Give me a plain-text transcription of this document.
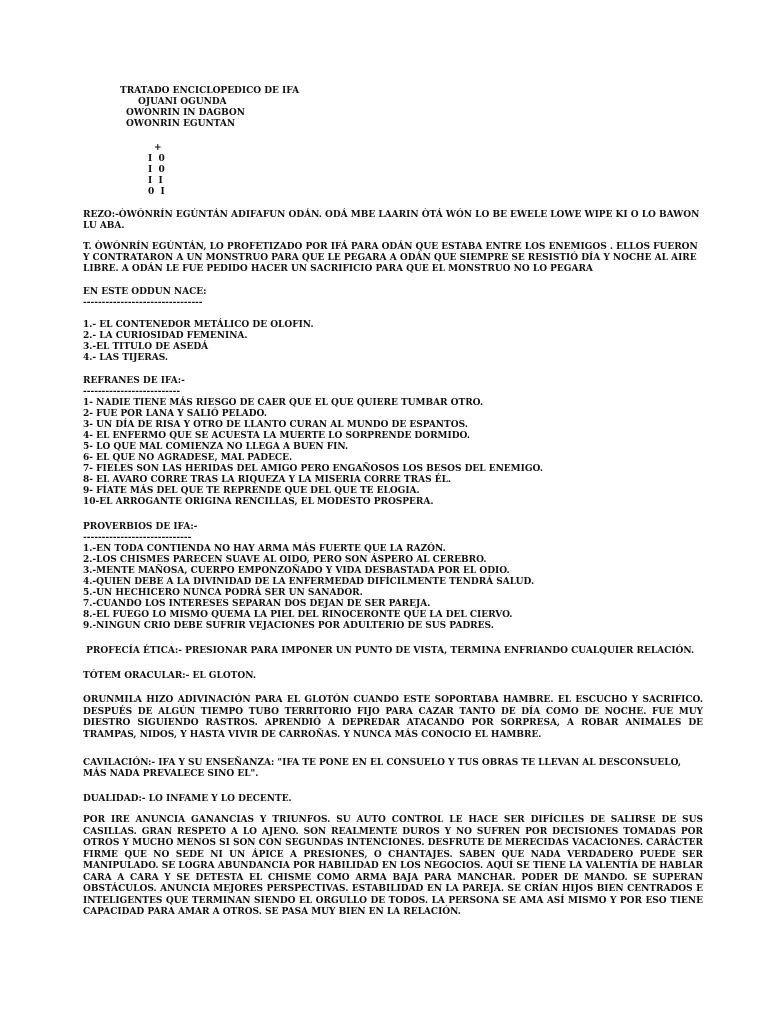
TRATADO ENCICLOPEDICO DE IFA
OJUANI OGUNDA
OWONRIN IN DAGBON
OWONRIN EGUNTAN
+
I  0
I  0
I  I
0  I
REZO:-ÒWÓNRÍN EGÚNTÁN ADIFAFUN ODÁN. ODÁ MBE LAARIN ÒTÁ WÓN LO BE EWELE LOWE WIPE KI O LO BAWON LU ABA.
T. ÒWÓNRÍN EGÚNTÁN, LO PROFETIZADO POR IFÁ PARA ODÁN QUE ESTABA ENTRE LOS ENEMIGOS . ELLOS FUERON Y CONTRATARON A UN MONSTRUO PARA QUE LE PEGARA A ODÁN QUE SIEMPRE SE RESISTIÓ DÍA Y NOCHE AL AIRE LIBRE. A ODÁN LE FUE PEDIDO HACER UN SACRIFICIO PARA QUE EL MONSTRUO NO LO PEGARA
EN ESTE ODDUN NACE:
--------------------------------
1.- EL CONTENEDOR METÁLICO DE OLOFIN.
2.- LA CURIOSIDAD FEMENINA.
3.-EL TITULO DE ASEDÁ
4.- LAS TIJERAS.
REFRANES DE IFA:-
--------------------------
1- NADIE TIENE MÁS RIESGO DE CAER QUE EL QUE QUIERE TUMBAR OTRO.
2- FUE POR LANA Y SALIÓ PELADO.
3- UN DÍA DE RISA Y OTRO DE LLANTO CURAN AL MUNDO DE ESPANTOS.
4- EL ENFERMO QUE SE ACUESTA LA MUERTE LO SORPRENDE DORMIDO.
5- LO QUE MAL COMIENZA NO LLEGA A BUEN FIN.
6- EL QUE NO AGRADESE, MAL PADECE.
7- FIELES SON LAS HERIDAS DEL AMIGO PERO ENGAÑOSOS LOS BESOS DEL ENEMIGO.
8- EL AVARO CORRE TRAS LA RIQUEZA Y LA MISERIA CORRE TRAS ÉL.
9- FÍATE MÁS DEL QUE TE REPRENDE QUE DEL QUE TE ELOGIA.
10-EL ARROGANTE ORIGINA RENCILLAS, EL MODESTO PROSPERA.
PROVERBIOS DE IFA:-
-----------------------------
1.-EN TODA CONTIENDA NO HAY ARMA MÁS FUERTE QUE LA RAZÓN.
2.-LOS CHISMES PARECEN SUAVE AL OIDO, PERO SON ÁSPERO AL CEREBRO.
3.-MENTE MAÑOSA, CUERPO EMPONZOÑADO Y VIDA DESBASTADA POR EL ODIO.
4.-QUIEN DEBE A LA DIVINIDAD DE LA ENFERMEDAD DIFÍCILMENTE TENDRÁ SALUD.
5.-UN HECHICERO NUNCA PODRÁ SER UN SANADOR.
7.-CUANDO LOS INTERESES SEPARAN DOS DEJAN DE SER PAREJA.
8.-EL FUEGO LO MISMO QUEMA LA PIEL DEL RINOCERONTE QUE LA DEL CIERVO.
9.-NINGUN CRIO DEBE SUFRIR VEJACIONES POR ADULTERIO DE SUS PADRES.
PROFECÍA ÉTICA:- PRESIONAR PARA IMPONER UN PUNTO DE VISTA, TERMINA ENFRIANDO CUALQUIER RELACIÓN.
TÓTEM ORACULAR:- EL GLOTON.
ORUNMILA HIZO ADIVINACIÓN PARA EL GLOTÓN CUANDO ESTE SOPORTABA HAMBRE. EL ESCUCHO Y SACRIFICO. DESPUÉS DE ALGÚN TIEMPO TUBO TERRITORIO FIJO PARA CAZAR TANTO DE DÍA COMO DE NOCHE. FUE MUY DIESTRO SIGUIENDO RASTROS. APRENDIÓ A DEPREDAR ATACANDO POR SORPRESA, A ROBAR ANIMALES DE TRAMPAS, NIDOS, Y HASTA VIVIR DE CARROÑAS. Y NUNCA MÁS CONOCIO EL HAMBRE.
CAVILACIÓN:- IFA Y SU ENSEÑANZA: "IFA TE PONE EN EL CONSUELO Y TUS OBRAS TE LLEVAN AL DESCONSUELO, MÁS NADA PREVALECE SINO EL".
DUALIDAD:- LO INFAME Y LO DECENTE.
POR IRE ANUNCIA GANANCIAS Y TRIUNFOS. SU AUTO CONTROL LE HACE SER DIFÍCILES DE SALIRSE DE SUS CASILLAS. GRAN RESPETO A LO AJENO. SON REALMENTE DUROS Y NO SUFREN POR DECISIONES TOMADAS POR OTROS Y MUCHO MENOS SI SON CON SEGUNDAS INTENCIONES. DESFRUTE DE MERECIDAS VACACIONES. CARÁCTER FIRME QUE NO SEDE NI UN ÁPICE A PRESIONES, O CHANTAJES. SABEN QUE NADA VERDADERO PUEDE SER MANIPULADO. SE LOGRA ABUNDANCIA POR HABILIDAD EN LOS NEGOCIOS. AQUÍ SE TIENE LA VALENTÍA DE HABLAR CARA A CARA Y SE DETESTA EL CHISME COMO ARMA BAJA PARA MANCHAR. PODER DE MANDO. SE SUPERAN OBSTÁCULOS. ANUNCIA MEJORES PERSPECTIVAS. ESTABILIDAD EN LA PAREJA. SE CRÍAN HIJOS BIEN CENTRADOS E INTELIGENTES QUE TERMINAN SIENDO EL ORGULLO DE TODOS. LA PERSONA SE AMA ASÍ MISMO Y POR ESO TIENE CAPACIDAD PARA AMAR A OTROS. SE PASA MUY BIEN EN LA RELACIÓN.
